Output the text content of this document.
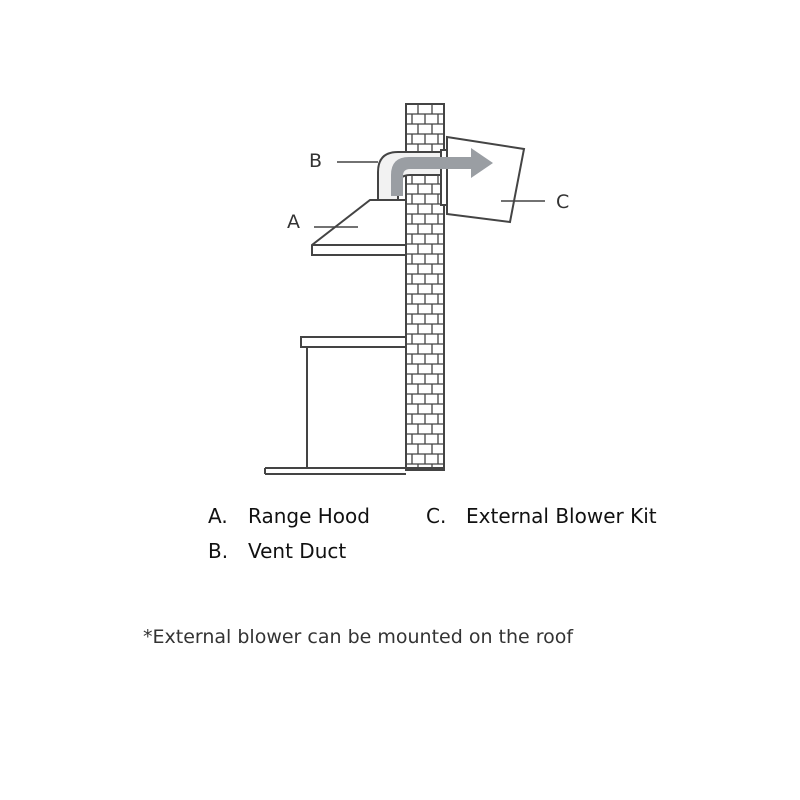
B
A
C
A. Range Hood
B. Vent Duct
C. External Blower Kit
*External blower can be mounted on the roof
